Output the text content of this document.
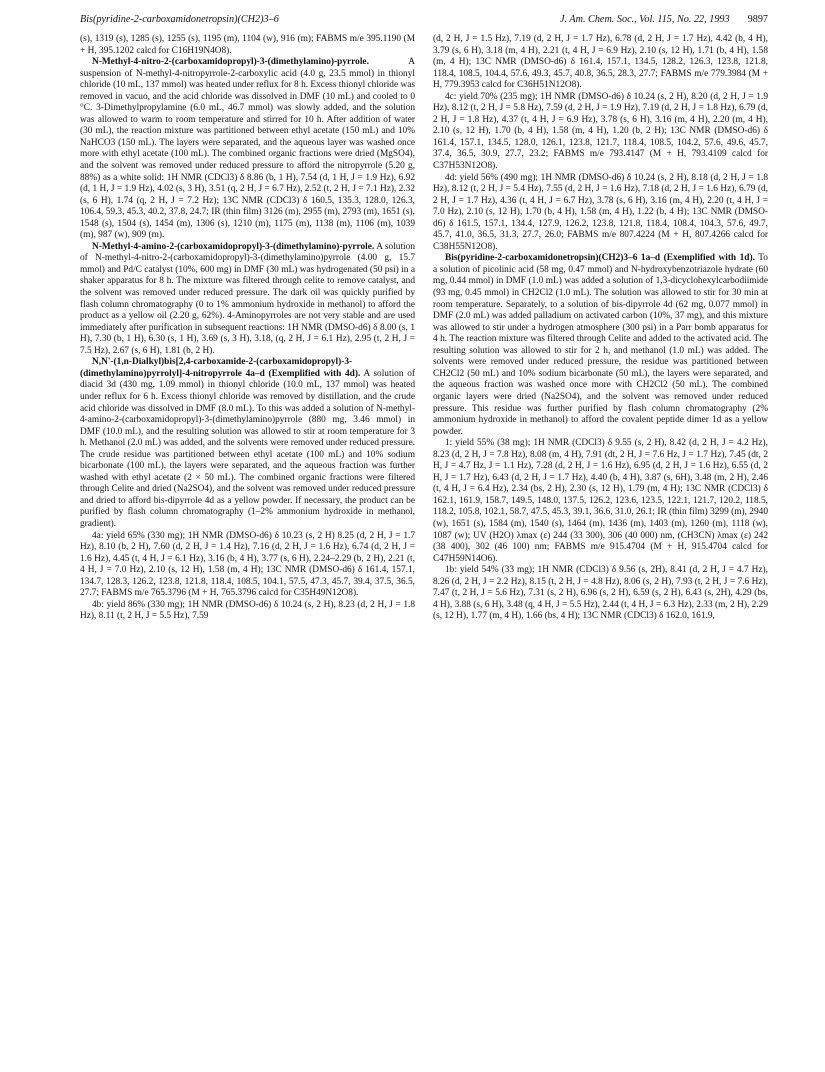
Bis(pyridine-2-carboxamidonetropsin)(CH2)3–6	J. Am. Chem. Soc., Vol. 115, No. 22, 1993 9897

(s), 1319 (s), 1285 (s), 1255 (s), 1195 (m), 1104 (w), 916 (m); FABMS m/e 395.1190 (M + H, 395.1202 calcd for C16H19N4O8).

N-Methyl-4-nitro-2-(carboxamidopropyl)-3-(dimethylamino)-pyrrole. A suspension of N-methyl-4-nitropyrrole-2-carboxylic acid (4.0 g, 23.5 mmol) in thionyl chloride (10 mL, 137 mmol) was heated under reflux for 8 h. Excess thionyl chloride was removed in vacuo, and the acid chloride was dissolved in DMF (10 mL) and cooled to 0 °C. 3-Dimethylpropylamine (6.0 mL, 46.7 mmol) was slowly added, and the solution was allowed to warm to room temperature and stirred for 10 h. After addition of water (30 mL), the reaction mixture was partitioned between ethyl acetate (150 mL) and 10% NaHCO3 (150 mL). The layers were separated, and the aqueous layer was washed once more with ethyl acetate (100 mL). The combined organic fractions were dried (MgSO4), and the solvent was removed under reduced pressure to afford the nitropyrrole (5.20 g, 88%) as a white solid: 1H NMR (CDCl3) δ 8.86 (b, 1 H), 7.54 (d, 1 H, J = 1.9 Hz), 6.92 (d, 1 H, J = 1.9 Hz), 4.02 (s, 3 H), 3.51 (q, 2 H, J = 6.7 Hz), 2.52 (t, 2 H, J = 7.1 Hz), 2.32 (s, 6 H), 1.74 (q, 2 H, J = 7.2 Hz); 13C NMR (CDCl3) δ 160.5, 135.3, 128.0, 126.3, 106.4, 59.3, 45.3, 40.2, 37.8, 24.7; IR (thin film) 3126 (m), 2955 (m), 2793 (m), 1651 (s), 1548 (s), 1504 (s), 1454 (m), 1306 (s), 1210 (m), 1175 (m), 1138 (m), 1106 (m), 1039 (m), 987 (w), 909 (m).

N-Methyl-4-amino-2-(carboxamidopropyl)-3-(dimethylamino)-pyrrole. A solution of N-methyl-4-nitro-2-(carboxamidopropyl)-3-(dimethylamino)pyrrole (4.00 g, 15.7 mmol) and Pd/C catalyst (10%, 600 mg) in DMF (30 mL) was hydrogenated (50 psi) in a shaker apparatus for 8 h. The mixture was filtered through celite to remove catalyst, and the solvent was removed under reduced pressure. The dark oil was quickly purified by flash column chromatography (0 to 1% ammonium hydroxide in methanol) to afford the product as a yellow oil (2.20 g, 62%). 4-Aminopyrroles are not very stable and are used immediately after purification in subsequent reactions: 1H NMR (DMSO-d6) δ 8.00 (s, 1 H), 7.30 (b, 1 H), 6.30 (s, 1 H), 3.69 (s, 3 H), 3.18, (q, 2 H, J = 6.1 Hz), 2.95 (t, 2 H, J = 7.5 Hz), 2.67 (s, 6 H), 1.81 (b, 2 H).

N,N'-(1,n-Dialkyl)bis[2,4-carboxamide-2-(carboxamidopropyl)-3-(dimethylamino)pyrrolyl]-4-nitropyrrole 4a–d (Exemplified with 4d). A solution of diacid 3d (430 mg, 1.09 mmol) in thionyl chloride (10.0 mL, 137 mmol) was heated under reflux for 6 h. Excess thionyl chloride was removed by distillation, and the crude acid chloride was dissolved in DMF (8.0 mL). To this was added a solution of N-methyl-4-amino-2-(carboxamidopropyl)-3-(dimethylamino)pyrrole (880 mg, 3.46 mmol) in DMF (10.0 mL), and the resulting solution was allowed to stir at room temperature for 3 h. Methanol (2.0 mL) was added, and the solvents were removed under reduced pressure. The crude residue was partitioned between ethyl acetate (100 mL) and 10% sodium bicarbonate (100 mL), the layers were separated, and the aqueous fraction was further washed with ethyl acetate (2 × 50 mL). The combined organic fractions were filtered through Celite and dried (Na2SO4), and the solvent was removed under reduced pressure and dried to afford bis-dipyrrole 4d as a yellow powder. If necessary, the product can be purified by flash column chromatography (1–2% ammonium hydroxide in methanol, gradient).

4a: yield 65% (330 mg); 1H NMR (DMSO-d6) δ 10.23 (s, 2 H) 8.25 (d, 2 H, J = 1.7 Hz), 8.10 (b, 2 H), 7.60 (d, 2 H, J = 1.4 Hz), 7.16 (d, 2 H, J = 1.6 Hz), 6.74 (d, 2 H, J = 1.6 Hz), 4.45 (t, 4 H, J = 6.1 Hz), 3.16 (b, 4 H), 3.77 (s, 6 H), 2.24–2.29 (b, 2 H), 2.21 (t, 4 H, J = 7.0 Hz), 2.10 (s, 12 H), 1.58 (m, 4 H); 13C NMR (DMSO-d6) δ 161.4, 157.1, 134.7, 128.3, 126.2, 123.8, 121.8, 118.4, 108.5, 104.1, 57.5, 47.3, 45.7, 39.4, 37.5, 36.5, 27.7; FABMS m/e 765.3796 (M + H, 765.3796 calcd for C35H49N12O8).

4b: yield 86% (330 mg); 1H NMR (DMSO-d6) δ 10.24 (s, 2 H), 8.23 (d, 2 H, J = 1.8 Hz), 8.11 (t, 2 H, J = 5.5 Hz), 7.59

(d, 2 H, J = 1.5 Hz), 7.19 (d, 2 H, J = 1.7 Hz), 6.78 (d, 2 H, J = 1.7 Hz), 4.42 (b, 4 H), 3.79 (s, 6 H), 3.18 (m, 4 H), 2.21 (t, 4 H, J = 6.9 Hz), 2.10 (s, 12 H), 1.71 (b, 4 H), 1.58 (m, 4 H); 13C NMR (DMSO-d6) δ 161.4, 157.1, 134.5, 128.2, 126.3, 123.8, 121.8, 118.4, 108.5, 104.4, 57.6, 49.3, 45.7, 40.8, 36.5, 28.3, 27.7; FABMS m/e 779.3984 (M + H, 779.3953 calcd for C36H51N12O8).

4c: yield 70% (235 mg); 1H NMR (DMSO-d6) δ 10.24 (s, 2 H), 8.20 (d, 2 H, J = 1.9 Hz), 8.12 (t, 2 H, J = 5.8 Hz), 7.59 (d, 2 H, J = 1.9 Hz), 7.19 (d, 2 H, J = 1.8 Hz), 6.79 (d, 2 H, J = 1.8 Hz), 4.37 (t, 4 H, J = 6.9 Hz), 3.78 (s, 6 H), 3.16 (m, 4 H), 2.20 (m, 4 H), 2.10 (s, 12 H), 1.70 (b, 4 H), 1.58 (m, 4 H), 1.20 (b, 2 H); 13C NMR (DMSO-d6) δ 161.4, 157.1, 134.5, 128.0, 126.1, 123.8, 121.7, 118.4, 108.5, 104.2, 57.6, 49.6, 45.7, 37.4, 36.5, 30.9, 27.7, 23.2; FABMS m/e 793.4147 (M + H, 793.4109 calcd for C37H53N12O8).

4d: yield 56% (490 mg); 1H NMR (DMSO-d6) δ 10.24 (s, 2 H), 8.18 (d, 2 H, J = 1.8 Hz), 8.12 (t, 2 H, J = 5.4 Hz), 7.55 (d, 2 H, J = 1.6 Hz), 7.18 (d, 2 H, J = 1.6 Hz), 6.79 (d, 2 H, J = 1.7 Hz), 4.36 (t, 4 H, J = 6.7 Hz), 3.78 (s, 6 H), 3.16 (m, 4 H), 2.20 (t, 4 H, J = 7.0 Hz), 2.10 (s, 12 H), 1.70 (b, 4 H), 1.58 (m, 4 H), 1.22 (b, 4 H); 13C NMR (DMSO-d6) δ 161.5, 157.1, 134.4, 127.9, 126.2, 123.8, 121.8, 118.4, 108.4, 104.3, 57.6, 49.7, 45.7, 41.0, 36.5, 31.3, 27.7, 26.0; FABMS m/e 807.4224 (M + H, 807.4266 calcd for C38H55N12O8).

Bis(pyridine-2-carboxamidonetropsin)(CH2)3–6 1a–d (Exemplified with 1d). To a solution of picolinic acid (58 mg, 0.47 mmol) and N-hydroxybenzotriazole hydrate (60 mg, 0.44 mmol) in DMF (1.0 mL) was added a solution of 1,3-dicyclohexylcarbodiimide (93 mg, 0.45 mmol) in CH2Cl2 (1.0 mL). The solution was allowed to stir for 30 min at room temperature. Separately, to a solution of bis-dipyrrole 4d (62 mg, 0.077 mmol) in DMF (2.0 mL) was added palladium on activated carbon (10%, 37 mg), and this mixture was allowed to stir under a hydrogen atmosphere (300 psi) in a Parr bomb apparatus for 4 h. The reaction mixture was filtered through Celite and added to the activated acid. The resulting solution was allowed to stir for 2 h, and methanol (1.0 mL) was added. The solvents were removed under reduced pressure, the residue was partitioned between CH2Cl2 (50 mL) and 10% sodium bicarbonate (50 mL), the layers were separated, and the aqueous fraction was washed once more with CH2Cl2 (50 mL). The combined organic layers were dried (Na2SO4), and the solvent was removed under reduced pressure. This residue was further purified by flash column chromatography (2% ammonium hydroxide in methanol) to afford the covalent peptide dimer 1d as a yellow powder.

1: yield 55% (38 mg); 1H NMR (CDCl3) δ 9.55 (s, 2 H), 8.42 (d, 2 H, J = 4.2 Hz), 8.23 (d, 2 H, J = 7.8 Hz), 8.08 (m, 4 H), 7.91 (dt, 2 H, J = 7.6 Hz, J = 1.7 Hz), 7.45 (dt, 2 H, J = 4.7 Hz, J = 1.1 Hz), 7.28 (d, 2 H, J = 1.6 Hz), 6.95 (d, 2 H, J = 1.6 Hz), 6.55 (d, 2 H, J = 1.7 Hz), 6.43 (d, 2 H, J = 1.7 Hz), 4.40 (b, 4 H), 3.87 (s, 6H), 3.48 (m, 2 H), 2.46 (t, 4 H, J = 6.4 Hz), 2.34 (bs, 2 H), 2.30 (s, 12 H), 1.79 (m, 4 H); 13C NMR (CDCl3) δ 162.1, 161.9, 158.7, 149.5, 148.0, 137.5, 126.2, 123.6, 123.5, 122.1, 121.7, 120.2, 118.5, 118.2, 105.8, 102.1, 58.7, 47.5, 45.3, 39.1, 36.6, 31.0, 26.1; IR (thin film) 3299 (m), 2940 (w), 1651 (s), 1584 (m), 1540 (s), 1464 (m), 1436 (m), 1403 (m), 1260 (m), 1118 (w), 1087 (w); UV (H2O) λmax (ε) 244 (33 300), 306 (40 000) nm, (CH3CN) λmax (ε) 242 (38 400), 302 (46 100) nm; FABMS m/e 915.4704 (M + H, 915.4704 calcd for C47H59N14O6).

1b: yield 54% (33 mg); 1H NMR (CDCl3) δ 9.56 (s, 2H), 8.41 (d, 2 H, J = 4.7 Hz), 8.26 (d, 2 H, J = 2.2 Hz), 8.15 (t, 2 H, J = 4.8 Hz), 8.06 (s, 2 H), 7.93 (t, 2 H, J = 7.6 Hz), 7.47 (t, 2 H, J = 5.6 Hz), 7.31 (s, 2 H), 6.96 (s, 2 H), 6.59 (s, 2 H), 6.43 (s, 2H), 4.29 (bs, 4 H), 3.88 (s, 6 H), 3.48 (q, 4 H, J = 5.5 Hz), 2.44 (t, 4 H, J = 6.3 Hz), 2.33 (m, 2 H), 2.29 (s, 12 H), 1.77 (m, 4 H), 1.66 (bs, 4 H); 13C NMR (CDCl3) δ 162.0, 161.9,
